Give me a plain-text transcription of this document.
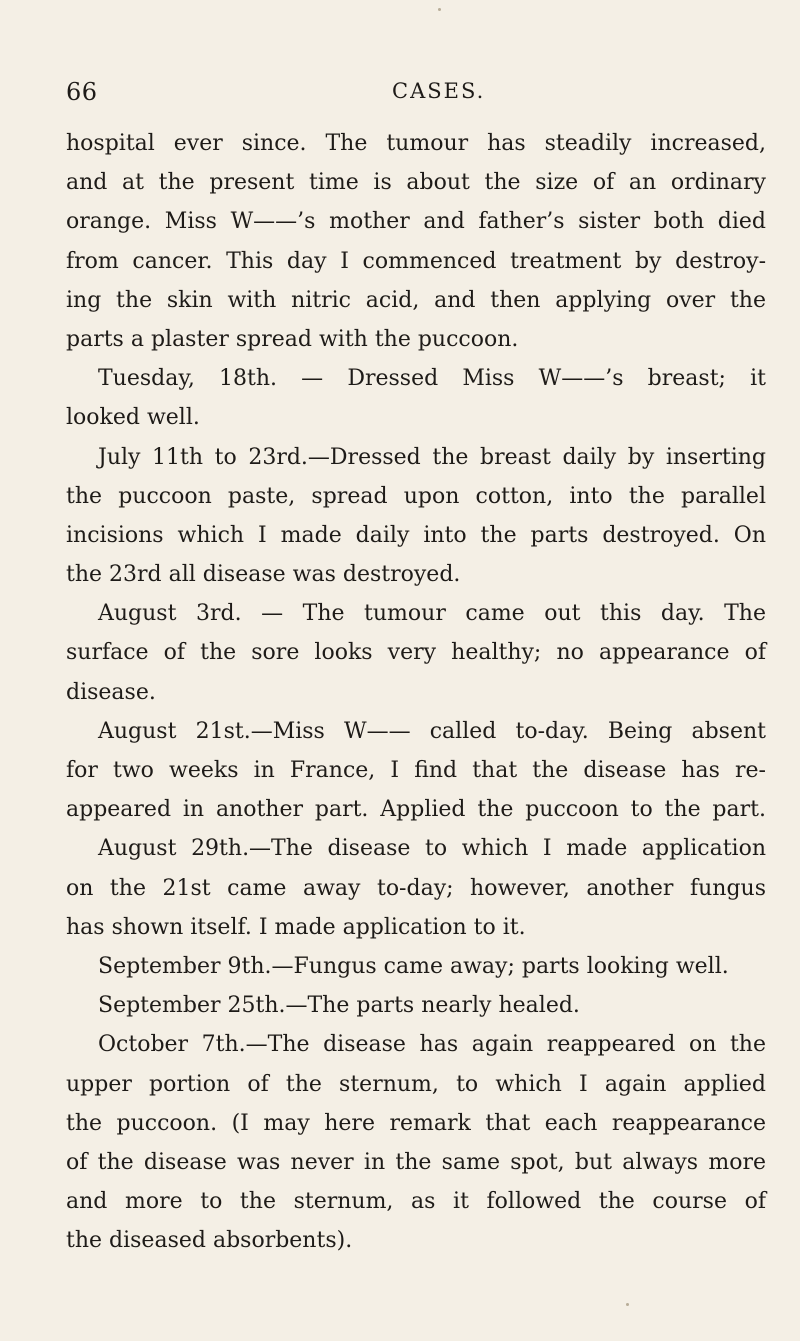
66	CASES.
hospital ever since. The tumour has steadily increased,
and at the present time is about the size of an ordinary
orange. Miss W——’s mother and father’s sister both died
from cancer. This day I commenced treatment by destroy-
ing the skin with nitric acid, and then applying over the
parts a plaster spread with the puccoon.
Tuesday, 18th. — Dressed Miss W——’s breast; it
looked well.
July 11th to 23rd.—Dressed the breast daily by inserting
the puccoon paste, spread upon cotton, into the parallel
incisions which I made daily into the parts destroyed. On
the 23rd all disease was destroyed.
August 3rd. — The tumour came out this day. The
surface of the sore looks very healthy; no appearance of
disease.
August 21st.—Miss W—— called to-day. Being absent
for two weeks in France, I find that the disease has re-
appeared in another part. Applied the puccoon to the part.
August 29th.—The disease to which I made application
on the 21st came away to-day; however, another fungus
has shown itself. I made application to it.
September 9th.—Fungus came away; parts looking well.
September 25th.—The parts nearly healed.
October 7th.—The disease has again reappeared on the
upper portion of the sternum, to which I again applied
the puccoon. (I may here remark that each reappearance
of the disease was never in the same spot, but always more
and more to the sternum, as it followed the course of
the diseased absorbents).
